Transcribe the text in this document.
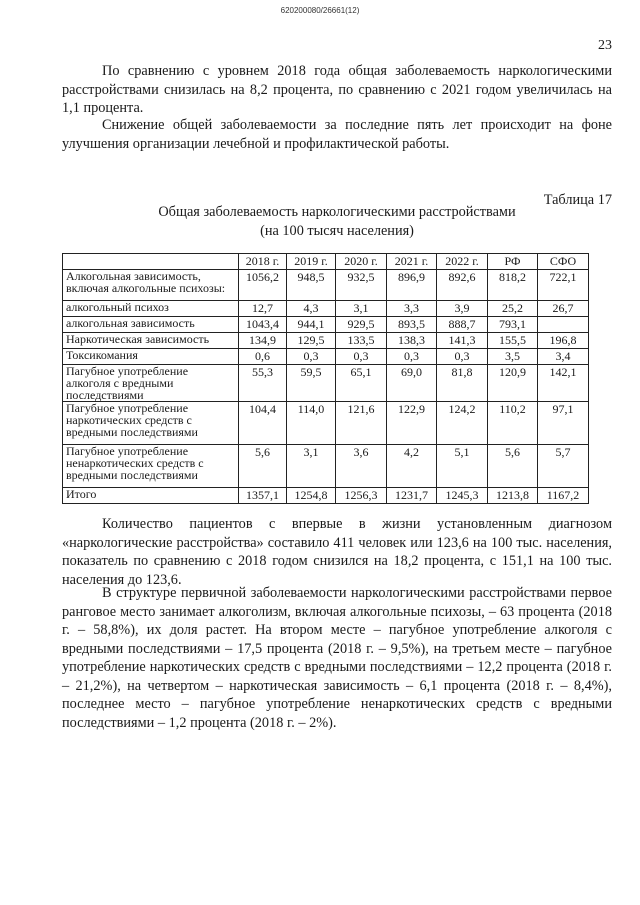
620200080/26661(12)
23

По сравнению с уровнем 2018 года общая заболеваемость наркологическими расстройствами снизилась на 8,2 процента, по сравнению с 2021 годом увеличилась на 1,1 процента.

Снижение общей заболеваемости за последние пять лет происходит на фоне улучшения организации лечебной и профилактической работы.

Таблица 17
Общая заболеваемость наркологическими расстройствами
(на 100 тысяч населения)
	2018 г.	2019 г.	2020 г.	2021 г.	2022 г.	РФ	СФО
Алкогольная зависимость, включая алкогольные психозы:	1056,2	948,5	932,5	896,9	892,6	818,2	722,1
алкогольный психоз	12,7	4,3	3,1	3,3	3,9	25,2	26,7
алкогольная зависимость	1043,4	944,1	929,5	893,5	888,7	793,1	
Наркотическая зависимость	134,9	129,5	133,5	138,3	141,3	155,5	196,8
Токсикомания	0,6	0,3	0,3	0,3	0,3	3,5	3,4
Пагубное употребление алкоголя с вредными последствиями	55,3	59,5	65,1	69,0	81,8	120,9	142,1
Пагубное употребление наркотических средств с вредными последствиями	104,4	114,0	121,6	122,9	124,2	110,2	97,1
Пагубное употребление ненаркотических средств с вредными последствиями	5,6	3,1	3,6	4,2	5,1	5,6	5,7
Итого	1357,1	1254,8	1256,3	1231,7	1245,3	1213,8	1167,2

Количество пациентов с впервые в жизни установленным диагнозом «наркологические расстройства» составило 411 человек или 123,6 на 100 тыс. населения, показатель по сравнению с 2018 годом снизился на 18,2 процента, с 151,1 на 100 тыс. населения до 123,6.

В структуре первичной заболеваемости наркологическими расстройствами первое ранговое место занимает алкоголизм, включая алкогольные психозы, – 63 процента (2018 г. – 58,8%), их доля растет. На втором месте – пагубное употребление алкоголя с вредными последствиями – 17,5 процента (2018 г. – 9,5%), на третьем месте – пагубное употребление наркотических средств с вредными последствиями – 12,2 процента (2018 г. – 21,2%), на четвертом – наркотическая зависимость – 6,1 процента (2018 г. – 8,4%), последнее место – пагубное употребление ненаркотических средств с вредными последствиями – 1,2 процента (2018 г. – 2%).
